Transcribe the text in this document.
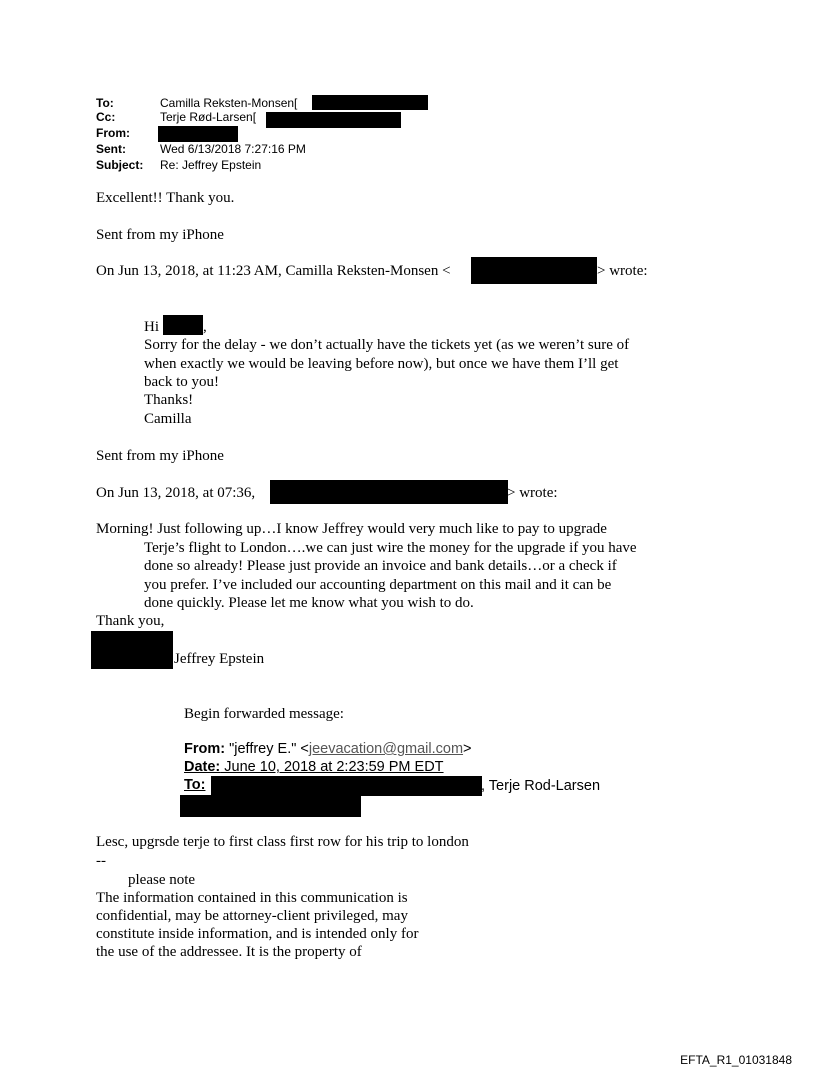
To:	Camilla Reksten-Monsen[
Cc:	Terje Rød-Larsen[
From:
Sent:	Wed 6/13/2018 7:27:16 PM
Subject: Re: Jeffrey Epstein
Excellent!! Thank you.
Sent from my iPhone
On Jun 13, 2018, at 11:23 AM, Camilla Reksten-Monsen <	> wrote:
Hi	,
Sorry for the delay - we don’t actually have the tickets yet (as we weren’t sure of
when exactly we would be leaving before now), but once we have them I’ll get
back to you!
Thanks!
Camilla
Sent from my iPhone
On Jun 13, 2018, at 07:36,	> wrote:
Morning! Just following up…I know Jeffrey would very much like to pay to upgrade
Terje’s flight to London….we can just wire the money for the upgrade if you have
done so already! Please just provide an invoice and bank details…or a check if
you prefer. I’ve included our accounting department on this mail and it can be
done quickly. Please let me know what you wish to do.
Thank you,
Jeffrey Epstein
Begin forwarded message:
From: "jeffrey E." <jeevacation@gmail.com>
Date: June 10, 2018 at 2:23:59 PM EDT
To:	, Terje Rod-Larsen
Lesc, upgrsde terje to first class first row for his trip to london
--
please note
The information contained in this communication is
confidential, may be attorney-client privileged, may
constitute inside information, and is intended only for
the use of the addressee. It is the property of
EFTA_R1_01031848
